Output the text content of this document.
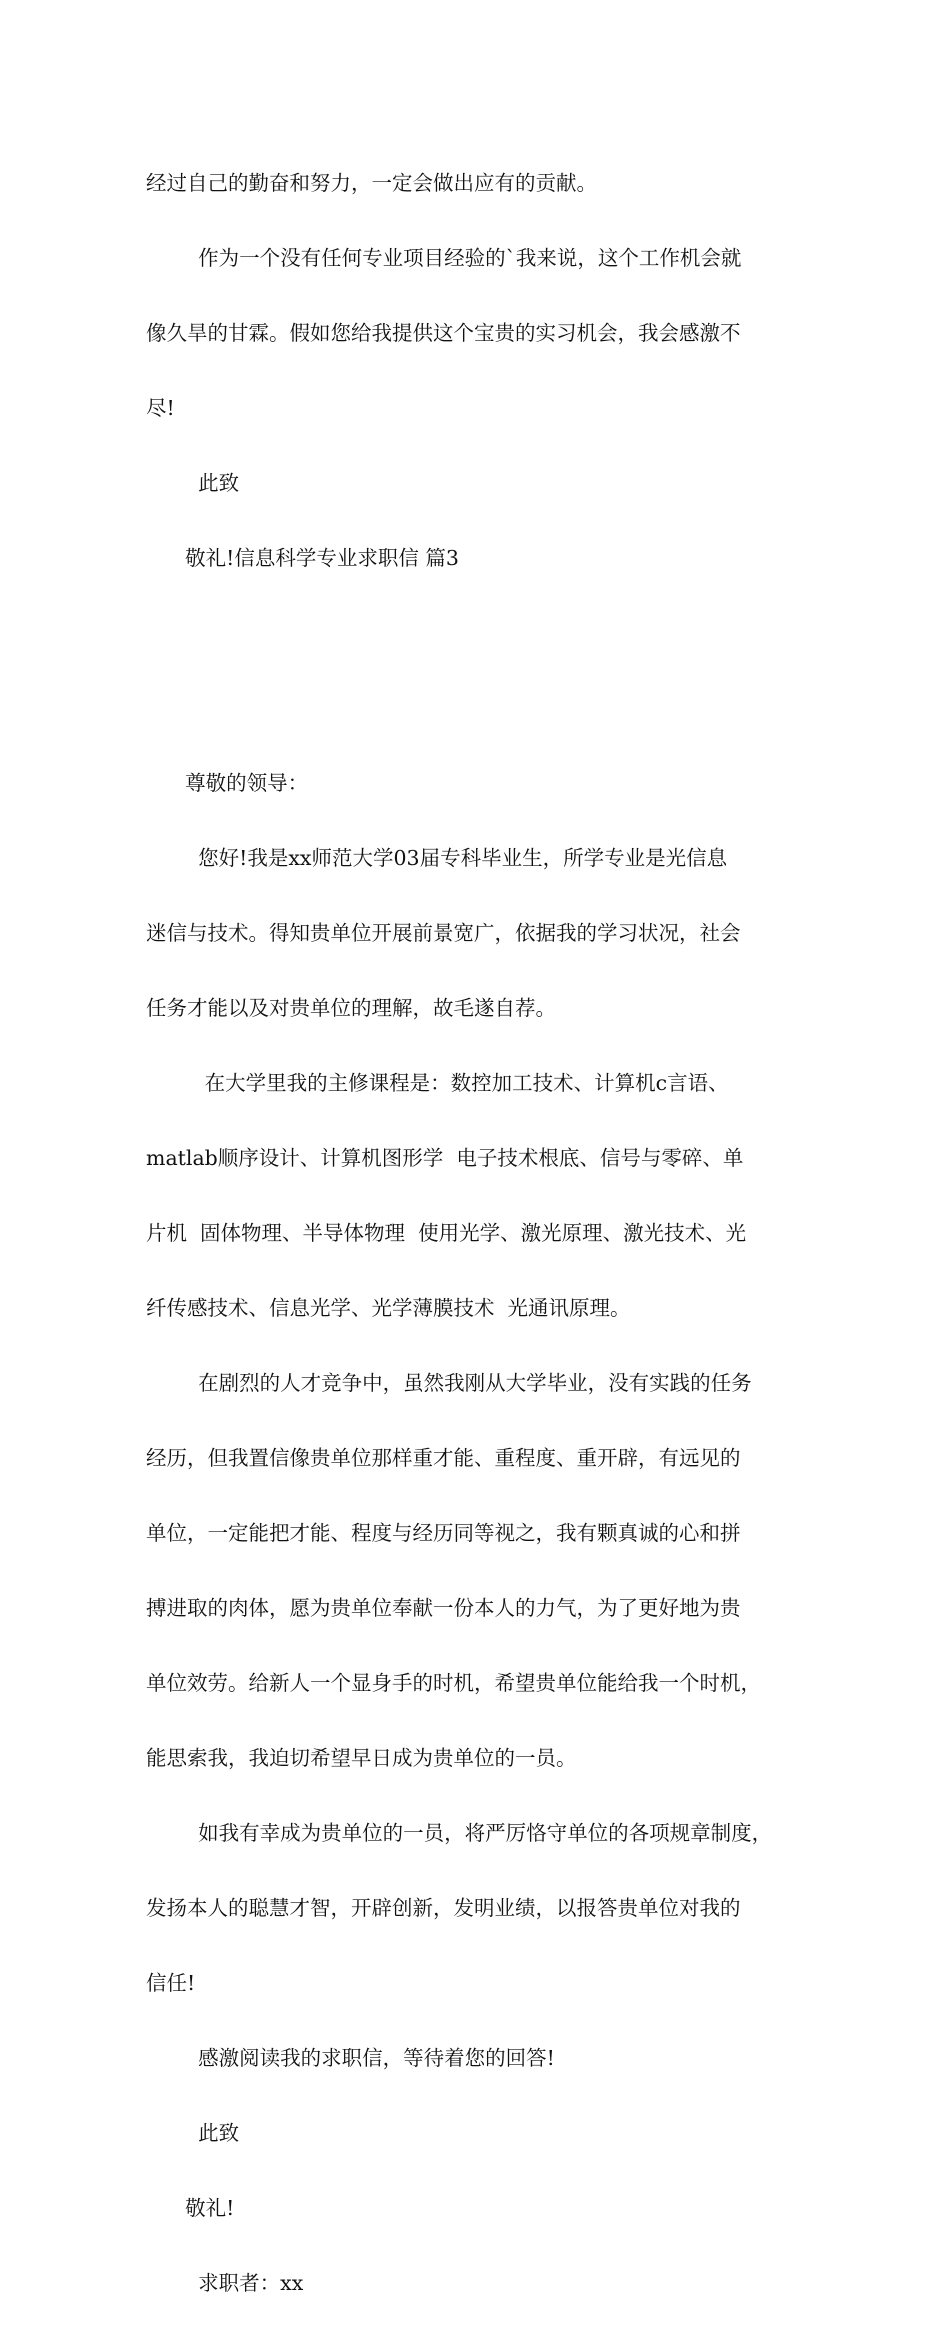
经过自己的勤奋和努力，一定会做出应有的贡献。

作为一个没有任何专业项目经验的`我来说，这个工作机会就

像久旱的甘霖。假如您给我提供这个宝贵的实习机会，我会感激不

尽!

此致

敬礼!信息科学专业求职信 篇3

尊敬的领导：

您好!我是xx师范大学03届专科毕业生，所学专业是光信息

迷信与技术。得知贵单位开展前景宽广，依据我的学习状况，社会

任务才能以及对贵单位的理解，故毛遂自荐。

在大学里我的主修课程是：数控加工技术、计算机c言语、

matlab顺序设计、计算机图形学  电子技术根底、信号与零碎、单

片机  固体物理、半导体物理  使用光学、激光原理、激光技术、光

纤传感技术、信息光学、光学薄膜技术  光通讯原理。

在剧烈的人才竞争中，虽然我刚从大学毕业，没有实践的任务

经历，但我置信像贵单位那样重才能、重程度、重开辟，有远见的

单位，一定能把才能、程度与经历同等视之，我有颗真诚的心和拼

搏进取的肉体，愿为贵单位奉献一份本人的力气，为了更好地为贵

单位效劳。给新人一个显身手的时机，希望贵单位能给我一个时机，

能思索我，我迫切希望早日成为贵单位的一员。

如我有幸成为贵单位的一员，将严厉恪守单位的各项规章制度，

发扬本人的聪慧才智，开辟创新，发明业绩，以报答贵单位对我的

信任!

感激阅读我的求职信，等待着您的回答!

此致

敬礼!

求职者：xx
